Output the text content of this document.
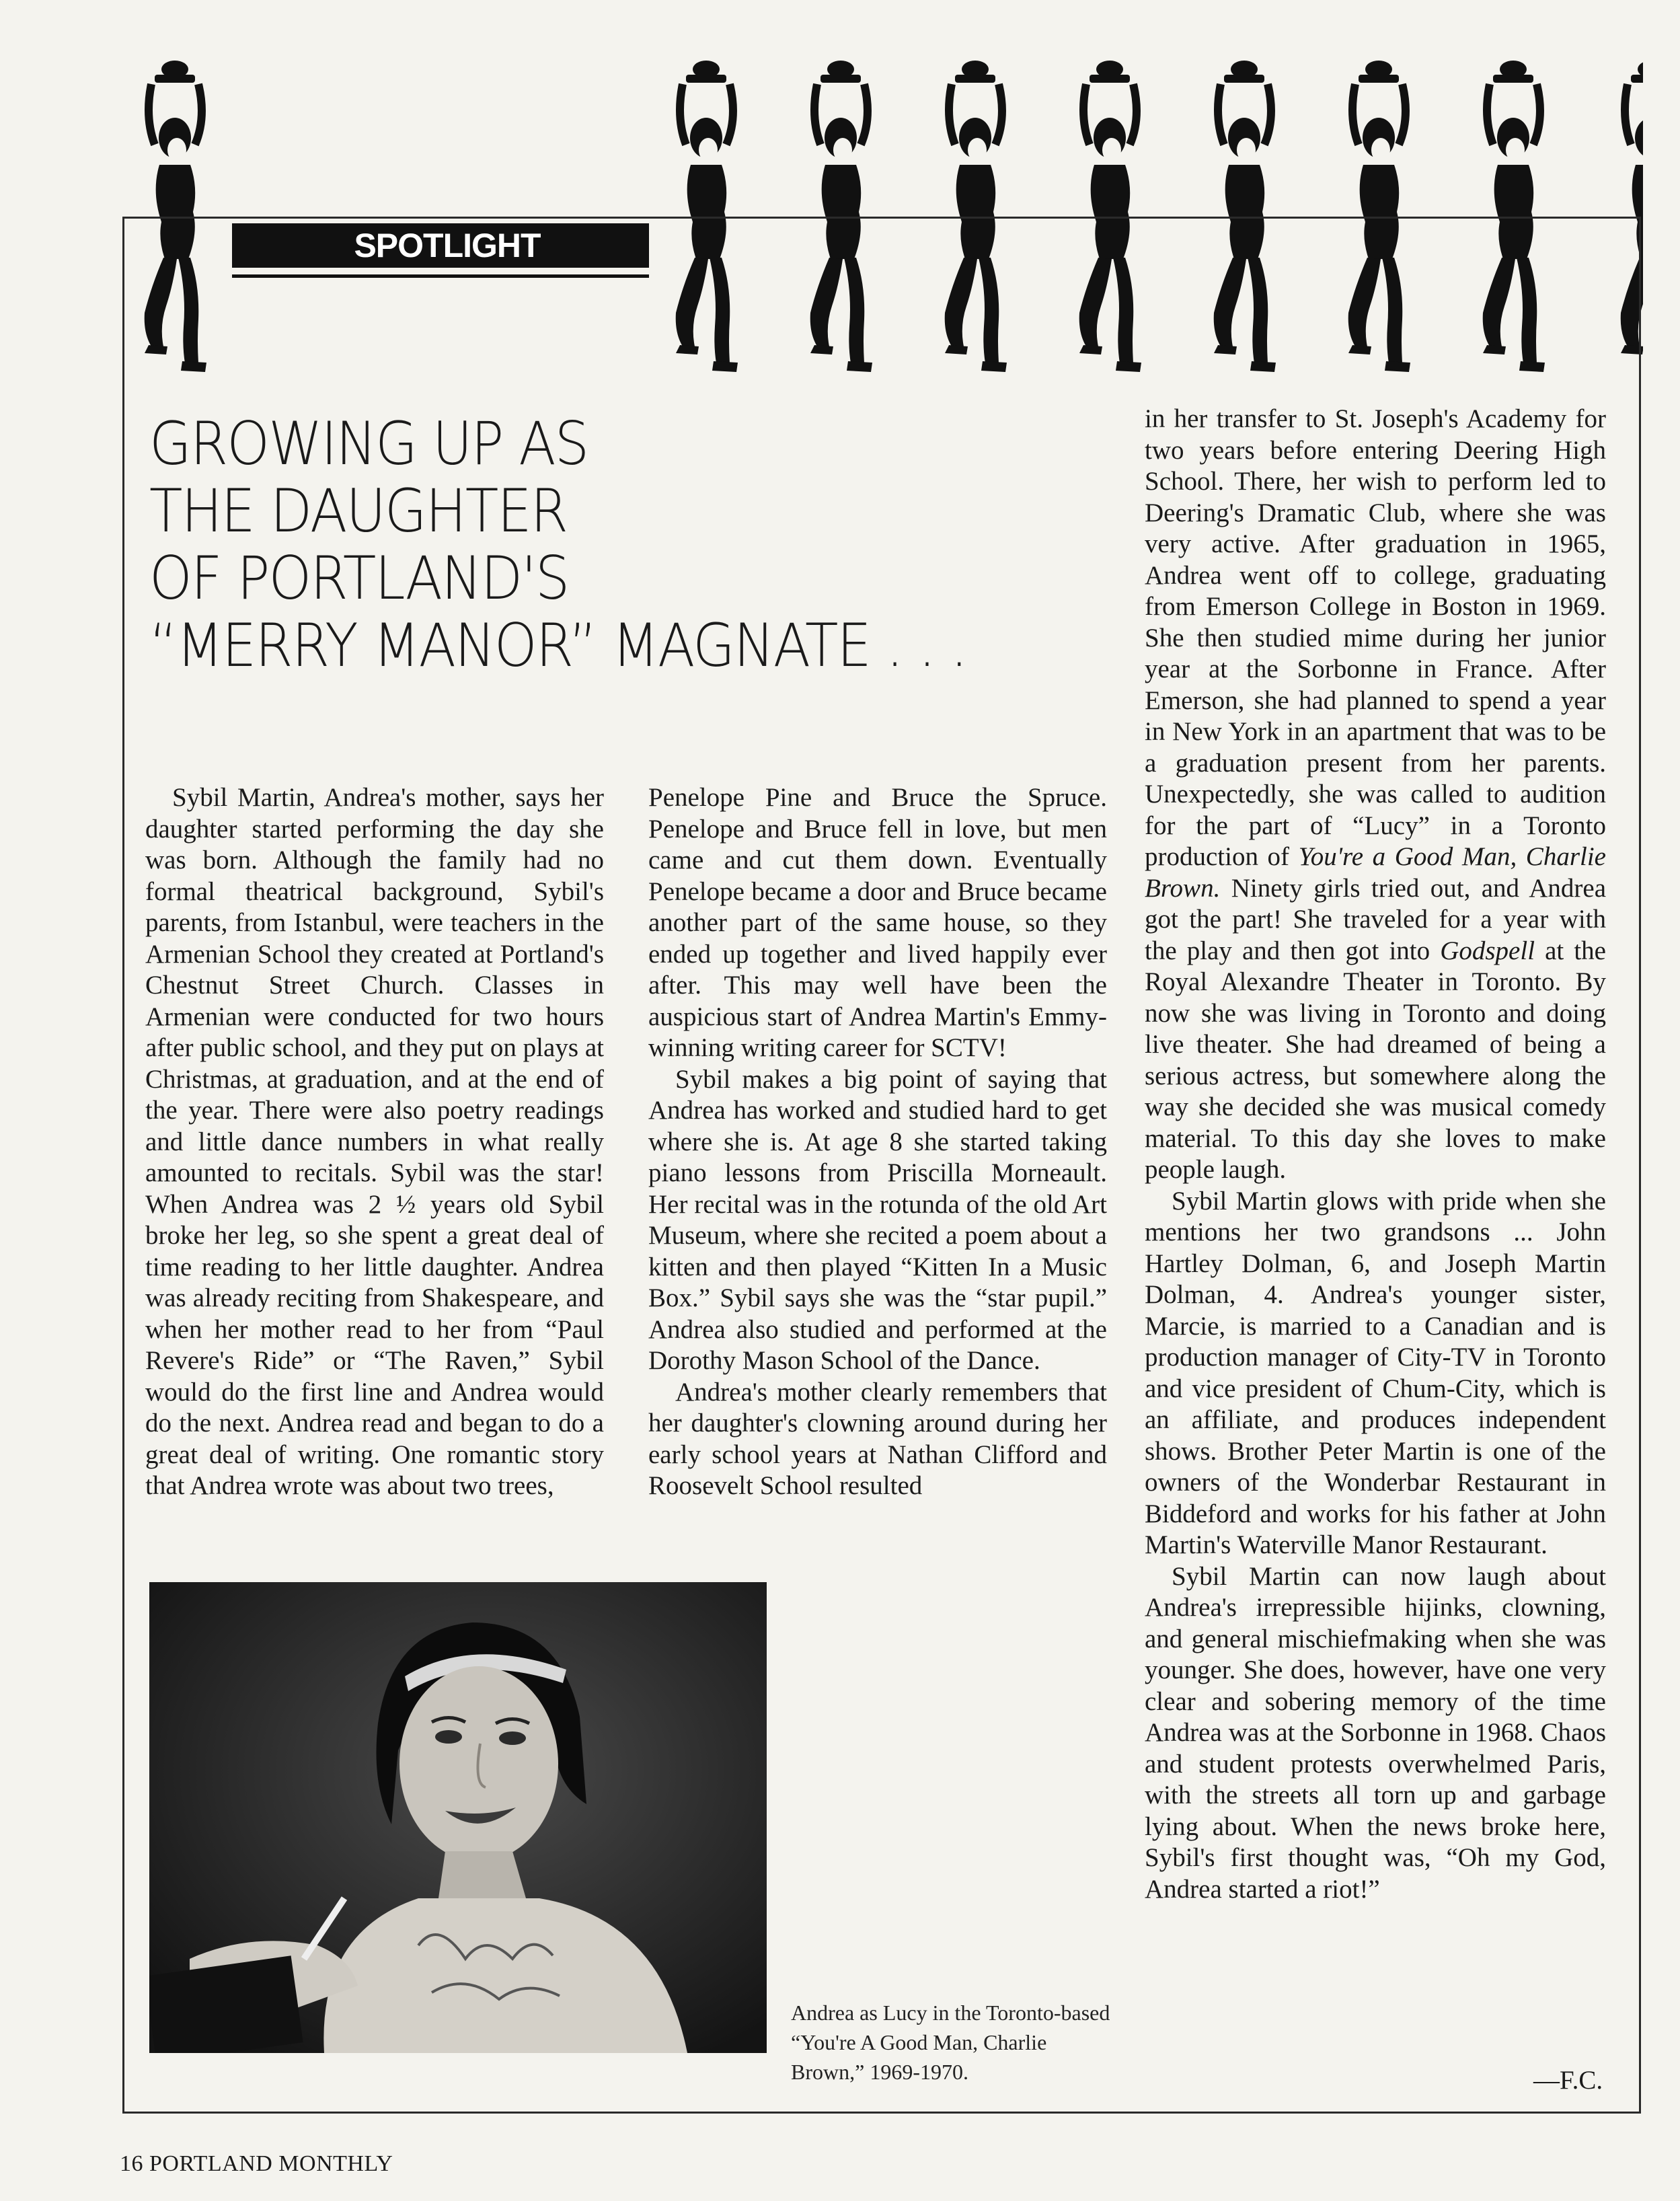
SPOTLIGHT
GROWING UP AS
THE DAUGHTER
OF PORTLAND'S
“MERRY MANOR” MAGNATE . . .

Sybil Martin, Andrea's mother, says her daughter started performing the day she was born. Although the family had no formal theatrical background, Sybil's parents, from Istanbul, were teachers in the Armenian School they created at Portland's Chestnut Street Church. Classes in Armenian were conducted for two hours after public school, and they put on plays at Christmas, at graduation, and at the end of the year. There were also poetry readings and little dance numbers in what really amounted to recitals. Sybil was the star! When Andrea was 2 ½ years old Sybil broke her leg, so she spent a great deal of time reading to her little daughter. Andrea was already reciting from Shakespeare, and when her mother read to her from “Paul Revere's Ride” or “The Raven,” Sybil would do the first line and Andrea would do the next. Andrea read and began to do a great deal of writing. One romantic story that Andrea wrote was about two trees,

Penelope Pine and Bruce the Spruce. Penelope and Bruce fell in love, but men came and cut them down. Eventually Penelope became a door and Bruce became another part of the same house, so they ended up together and lived happily ever after. This may well have been the auspicious start of Andrea Martin's Emmy-winning writing career for SCTV!

Sybil makes a big point of saying that Andrea has worked and studied hard to get where she is. At age 8 she started taking piano lessons from Priscilla Morneault. Her recital was in the rotunda of the old Art Museum, where she recited a poem about a kitten and then played “Kitten In a Music Box.” Sybil says she was the “star pupil.” Andrea also studied and performed at the Dorothy Mason School of the Dance.

Andrea's mother clearly remembers that her daughter's clowning around during her early school years at Nathan Clifford and Roosevelt School resulted

in her transfer to St. Joseph's Academy for two years before entering Deering High School. There, her wish to perform led to Deering's Dramatic Club, where she was very active. After graduation in 1965, Andrea went off to college, graduating from Emerson College in Boston in 1969. She then studied mime during her junior year at the Sorbonne in France. After Emerson, she had planned to spend a year in New York in an apartment that was to be a graduation present from her parents. Unexpectedly, she was called to audition for the part of “Lucy” in a Toronto production of You're a Good Man, Charlie Brown. Ninety girls tried out, and Andrea got the part! She traveled for a year with the play and then got into Godspell at the Royal Alexandre Theater in Toronto. By now she was living in Toronto and doing live theater. She had dreamed of being a serious actress, but somewhere along the way she decided she was musical comedy material. To this day she loves to make people laugh.

Sybil Martin glows with pride when she mentions her two grandsons ... John Hartley Dolman, 6, and Joseph Martin Dolman, 4. Andrea's younger sister, Marcie, is married to a Canadian and is production manager of City-TV in Toronto and vice president of Chum-City, which is an affiliate, and produces independent shows. Brother Peter Martin is one of the owners of the Wonderbar Restaurant in Biddeford and works for his father at John Martin's Waterville Manor Restaurant.

Sybil Martin can now laugh about Andrea's irrepressible hijinks, clowning, and general mischiefmaking when she was younger. She does, however, have one very clear and sobering memory of the time Andrea was at the Sorbonne in 1968. Chaos and student protests overwhelmed Paris, with the streets all torn up and garbage lying about. When the news broke here, Sybil's first thought was, “Oh my God, Andrea started a riot!”

Andrea as Lucy in the Toronto-based “You're A Good Man, Charlie Brown,” 1969-1970.	—F.C.
16 PORTLAND MONTHLY
